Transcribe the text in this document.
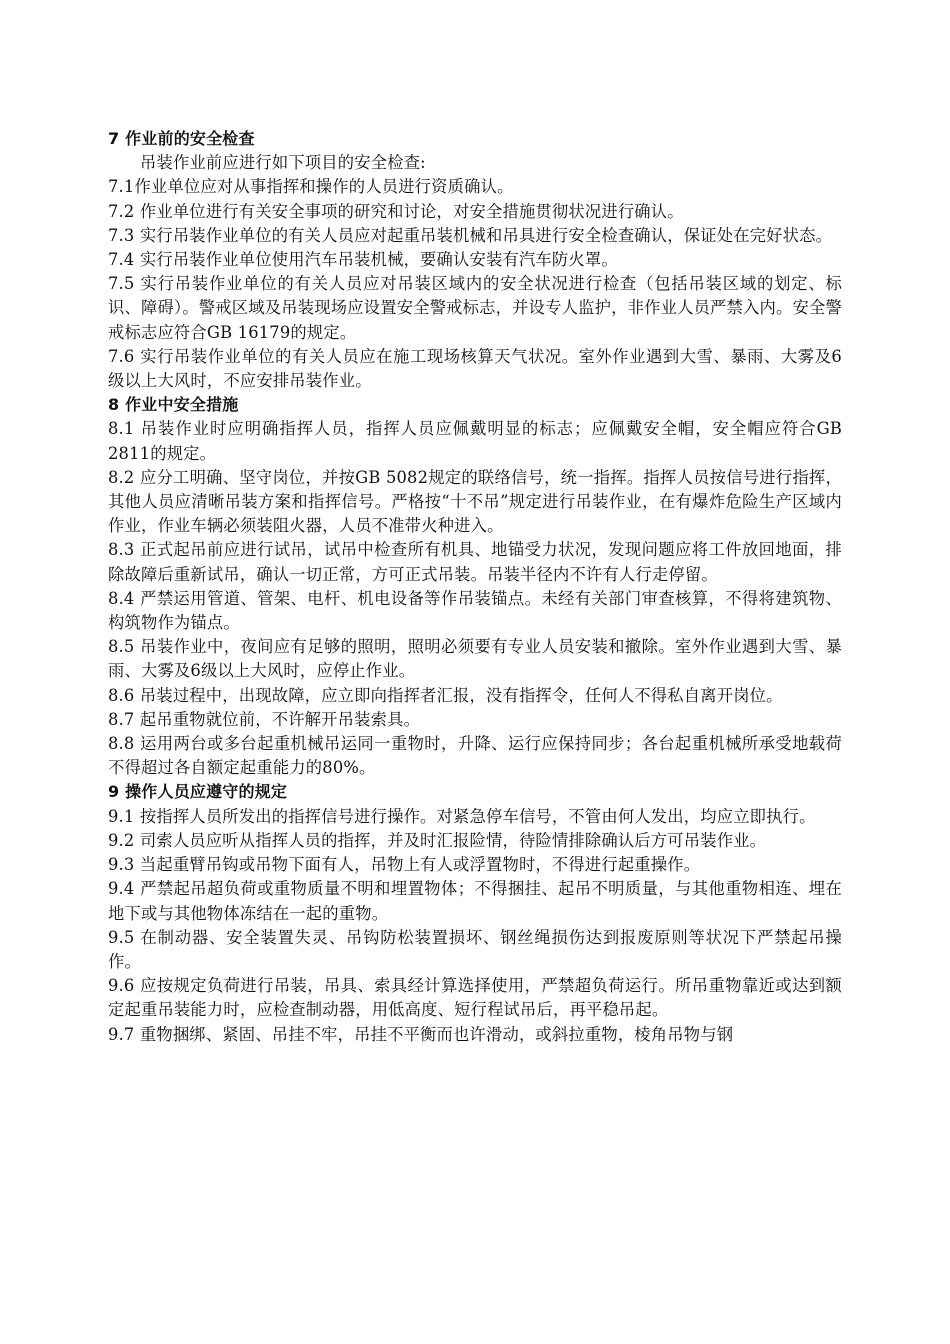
7 作业前的安全检查

吊装作业前应进行如下项目的安全检查:

7.1作业单位应对从事指挥和操作的人员进行资质确认。

7.2 作业单位进行有关安全事项的研究和讨论，对安全措施贯彻状况进行确认。

7.3 实行吊装作业单位的有关人员应对起重吊装机械和吊具进行安全检查确认，保证处在完好状态。

7.4 实行吊装作业单位使用汽车吊装机械，要确认安装有汽车防火罩。

7.5 实行吊装作业单位的有关人员应对吊装区域内的安全状况进行检查（包括吊装区域的划定、标识、障碍）。警戒区域及吊装现场应设置安全警戒标志，并设专人监护，非作业人员严禁入内。安全警戒标志应符合GB 16179的规定。

7.6 实行吊装作业单位的有关人员应在施工现场核算天气状况。室外作业遇到大雪、暴雨、大雾及6级以上大风时，不应安排吊装作业。

8 作业中安全措施

8.1 吊装作业时应明确指挥人员，指挥人员应佩戴明显的标志；应佩戴安全帽，安全帽应符合GB 2811的规定。

8.2 应分工明确、坚守岗位，并按GB 5082规定的联络信号，统一指挥。指挥人员按信号进行指挥，其他人员应清晰吊装方案和指挥信号。严格按“十不吊”规定进行吊装作业，在有爆炸危险生产区域内作业，作业车辆必须装阻火器，人员不准带火种进入。

8.3 正式起吊前应进行试吊，试吊中检查所有机具、地锚受力状况，发现问题应将工件放回地面，排除故障后重新试吊，确认一切正常，方可正式吊装。吊装半径内不许有人行走停留。

8.4 严禁运用管道、管架、电杆、机电设备等作吊装锚点。未经有关部门审查核算，不得将建筑物、构筑物作为锚点。

8.5 吊装作业中，夜间应有足够的照明，照明必须要有专业人员安装和撤除。室外作业遇到大雪、暴雨、大雾及6级以上大风时，应停止作业。

8.6 吊装过程中，出现故障，应立即向指挥者汇报，没有指挥令，任何人不得私自离开岗位。

8.7 起吊重物就位前，不许解开吊装索具。

8.8 运用两台或多台起重机械吊运同一重物时，升降、运行应保持同步；各台起重机械所承受地载荷不得超过各自额定起重能力的80%。

9 操作人员应遵守的规定

9.1 按指挥人员所发出的指挥信号进行操作。对紧急停车信号，不管由何人发出，均应立即执行。

9.2 司索人员应听从指挥人员的指挥，并及时汇报险情，待险情排除确认后方可吊装作业。

9.3 当起重臂吊钩或吊物下面有人，吊物上有人或浮置物时，不得进行起重操作。

9.4 严禁起吊超负荷或重物质量不明和埋置物体；不得捆挂、起吊不明质量，与其他重物相连、埋在地下或与其他物体冻结在一起的重物。

9.5 在制动器、安全装置失灵、吊钩防松装置损坏、钢丝绳损伤达到报废原则等状况下严禁起吊操作。

9.6 应按规定负荷进行吊装，吊具、索具经计算选择使用，严禁超负荷运行。所吊重物靠近或达到额定起重吊装能力时，应检查制动器，用低高度、短行程试吊后，再平稳吊起。

9.7 重物捆绑、紧固、吊挂不牢，吊挂不平衡而也许滑动，或斜拉重物，棱角吊物与钢
